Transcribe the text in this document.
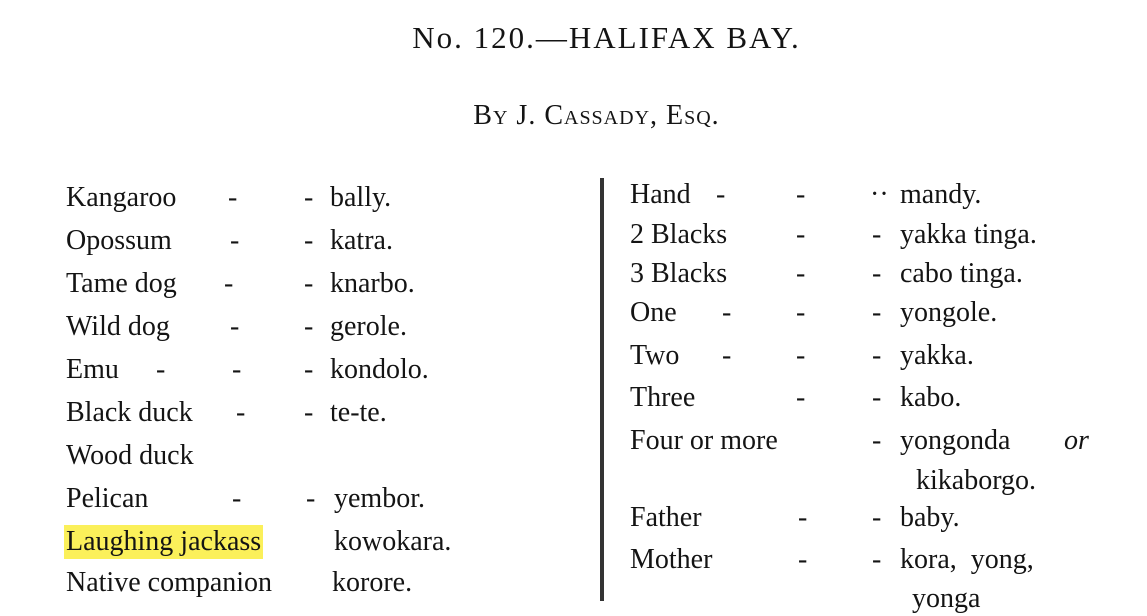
No. 120.—HALIFAX BAY.
By J. Cassady, Esq.
Kangaroo - - bally.
Opossum - - katra.
Tame dog -	- knarbo.
Wild dog - - gerole.
Emu - - - kondolo.
Black duck - - te-te.
Wood duck
Pelican	- - yembor.
Laughing jackass	kowokara.
Native companion korore.
Hand -	- ·· mandy.
2 Blacks - - yakka tinga.
3 Blacks - - cabo tinga.
One - - - yongole.
Two - - - yakka.
Three	- - kabo.
Four or more	- yongonda or
kikaborgo.
Father	- - baby.
Mother	- - kora,  yong,
yonga
